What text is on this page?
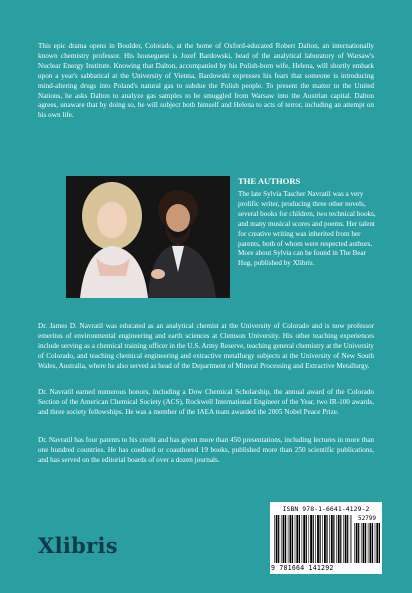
This epic drama opens in Boulder, Colorado, at the home of Oxford-educated Robert Dalton, an internationally known chemistry professor. His houseguest is Jozef Bardowski, head of the analytical laboratory of Warsaw's Nuclear Energy Institute. Knowing that Dalton, accompanied by his Polish-born wife, Helena, will shortly embark upon a year's sabbatical at the University of Vienna, Bardowski expresses his fears that someone is introducing mind-altering drugs into Poland's natural gas to subdue the Polish people. To present the matter to the United Nations, he asks Dalton to analyze gas samples to be smuggled from Warsaw into the Austrian capital. Dalton agrees, unaware that by doing so, he will subject both himself and Helena to acts of terror, including an attempt on his own life.

THE AUTHORS

The late Sylvia Tascher Navratil was a very prolific writer, producing three other novels, several books for children, two technical books, and many musical scores and poems. Her talent for creative writing was inherited from her parents, both of whom were respected authors. More about Sylvia can be found in The Bear Hug, published by Xlibris.

Dr. James D. Navratil was educated as an analytical chemist at the University of Colorado and is now professor emeritus of environmental engineering and earth sciences at Clemson University. His other teaching experiences include serving as a chemical training officer in the U.S. Army Reserve, teaching general chemistry at the University of Colorado, and teaching chemical engineering and extractive metallurgy subjects at the University of New South Wales, Australia, where he also served as head of the Department of Mineral Processing and Extractive Metallurgy.

Dr. Navratil earned numerous honors, including a Dow Chemical Scholarship, the annual award of the Colorado Section of the American Chemical Society (ACS), Rockwell International Engineer of the Year, two IR-100 awards, and three society fellowships. He was a member of the IAEA team awarded the 2005 Nobel Peace Prize.

Dr. Navratil has four patents to his credit and has given more than 450 presentations, including lectures in more than one hundred countries. He has coedited or coauthored 19 books, published more than 250 scientific publications, and has served on the editorial boards of over a dozen journals.

Xlibris
ISBN 978-1-6641-4129-2
52799
9 781664 141292
